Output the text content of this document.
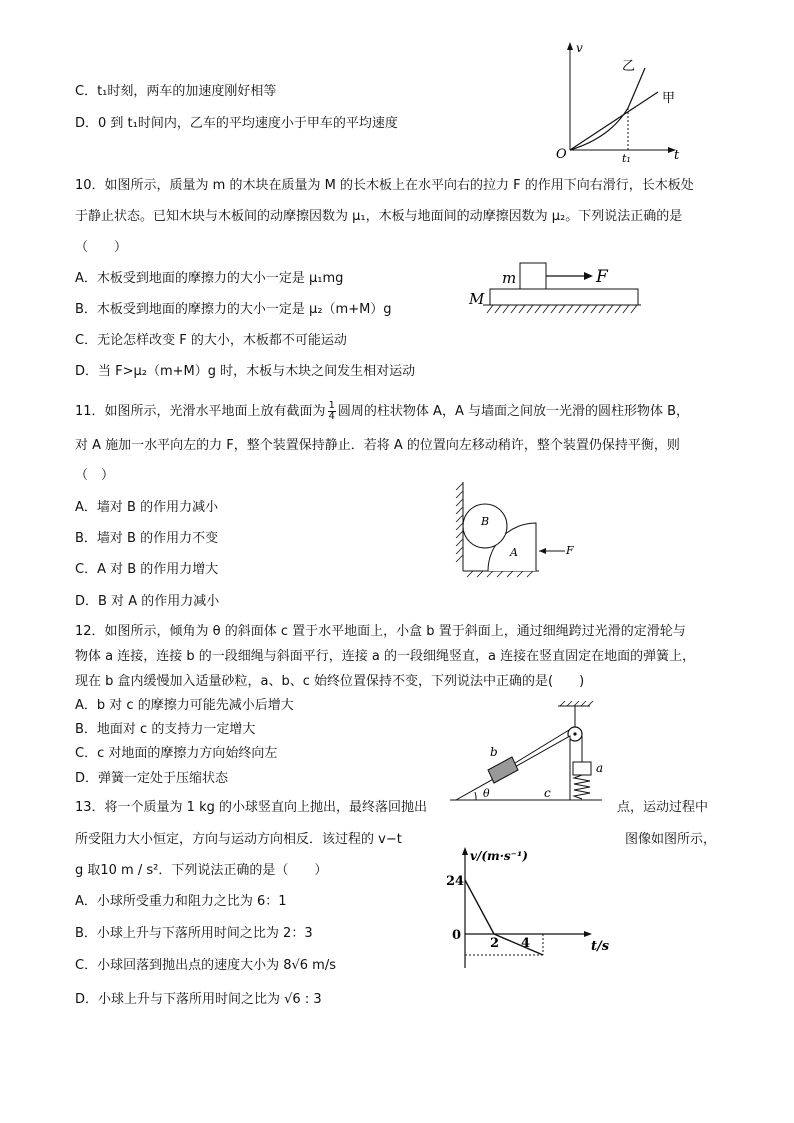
C．t₁时刻，两车的加速度刚好相等
D．0 到 t₁时间内，乙车的平均速度小于甲车的平均速度
v
O	t
t₁
乙
甲
10．如图所示，质量为 m 的木块在质量为 M 的长木板上在水平向右的拉力 F 的作用下向右滑行，长木板处
于静止状态。已知木块与木板间的动摩擦因数为 μ₁，木板与地面间的动摩擦因数为 μ₂。下列说法正确的是
（　　）
A．木板受到地面的摩擦力的大小一定是 μ₁mg
B．木板受到地面的摩擦力的大小一定是 μ₂（m+M）g
C．无论怎样改变 F 的大小，木板都不可能运动
D．当 F>μ₂（m+M）g 时，木板与木块之间发生相对运动
m	F
M
11．如图所示，光滑水平地面上放有截面为 $\frac{1}{4}$ 圆周的柱状物体 A，A 与墙面之间放一光滑的圆柱形物体 B，
对 A 施加一水平向左的力 F，整个装置保持静止．若将 A 的位置向左移动稍许，整个装置仍保持平衡，则
（　）
A．墙对 B 的作用力减小
B．墙对 B 的作用力不变
C．A 对 B 的作用力增大
D．B 对 A 的作用力减小
B
A	F
12．如图所示，倾角为 θ 的斜面体 c 置于水平地面上，小盒 b 置于斜面上，通过细绳跨过光滑的定滑轮与
物体 a 连接，连接 b 的一段细绳与斜面平行，连接 a 的一段细绳竖直，a 连接在竖直固定在地面的弹簧上，
现在 b 盒内缓慢加入适量砂粒，a、b、c 始终位置保持不变，下列说法中正确的是(　　)
A．b 对 c 的摩擦力可能先减小后增大
B．地面对 c 的支持力一定增大
C．c 对地面的摩擦力方向始终向左
D．弹簧一定处于压缩状态
b
a
c
θ
13．将一个质量为 1 kg 的小球竖直向上抛出，最终落回抛出	点，运动过程中
所受阻力大小恒定，方向与运动方向相反．该过程的 v−t	图像如图所示，
g 取10 m / s²．下列说法正确的是（　　）
A．小球所受重力和阻力之比为 6：1
B．小球上升与下落所用时间之比为 2：3
C．小球回落到抛出点的速度大小为 8√6 m/s
D．小球上升与下落所用时间之比为 √6 : 3
v/(m·s⁻¹)
24
0
2 4	t/s
